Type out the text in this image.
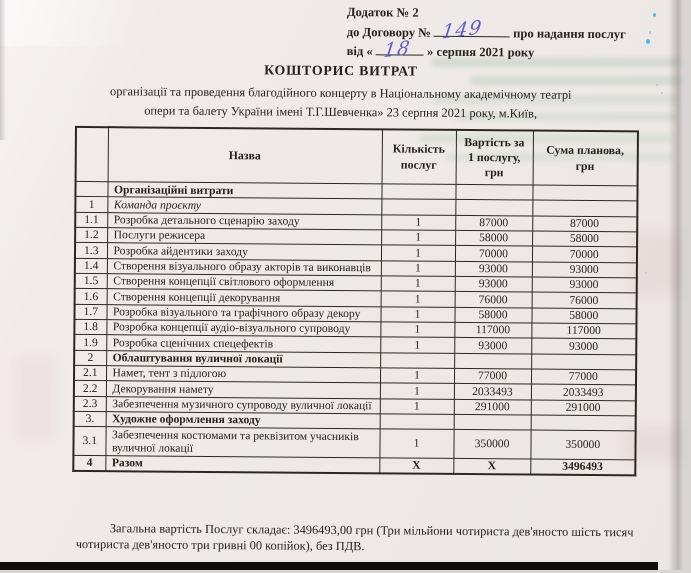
Додаток № 2
до Договору № 149 про надання послуг
від « 18 » серпня 2021 року
КОШТОРИС ВИТРАТ
організації та проведення благодійного концерту в Національному академічному театрі
опери та балету України імені Т.Г.Шевченка» 23 серпня 2021 року, м.Київ,
	Назва	Кількість послуг	Вартість за 1 послугу, грн	Сума планова, грн
	Організаційні витрати			
1	Команда проєкту			
1.1	Розробка детального сценарію заходу	1	87000	87000
1.2	Послуги режисера	1	58000	58000
1.3	Розробка айдентики заходу	1	70000	70000
1.4	Створення візуального образу акторів та виконавців	1	93000	93000
1.5	Створення концепції світлового оформлення	1	93000	93000
1.6	Створення концепції декорування	1	76000	76000
1.7	Розробка візуального та графічного образу декору	1	58000	58000
1.8	Розробка концепції аудіо-візуального супроводу	1	117000	117000
1.9	Розробка сценічних спецефектів	1	93000	93000
2	Облаштування вуличної локації			
2.1	Намет, тент з підлогою	1	77000	77000
2.2	Декорування намету	1	2033493	2033493
2.3	Забезпечення музичного супроводу вуличної локації	1	291000	291000
3.	Художне оформлення заходу			
3.1	Забезпечення костюмами та реквізитом учасників вуличної локації	1	350000	350000
4	Разом	X	X	3496493
Загальна вартість Послуг складає: 3496493,00 грн (Три мільйони чотириста дев'яносто шість тисяч чотириста дев'яносто три гривні 00 копійок), без ПДВ.
